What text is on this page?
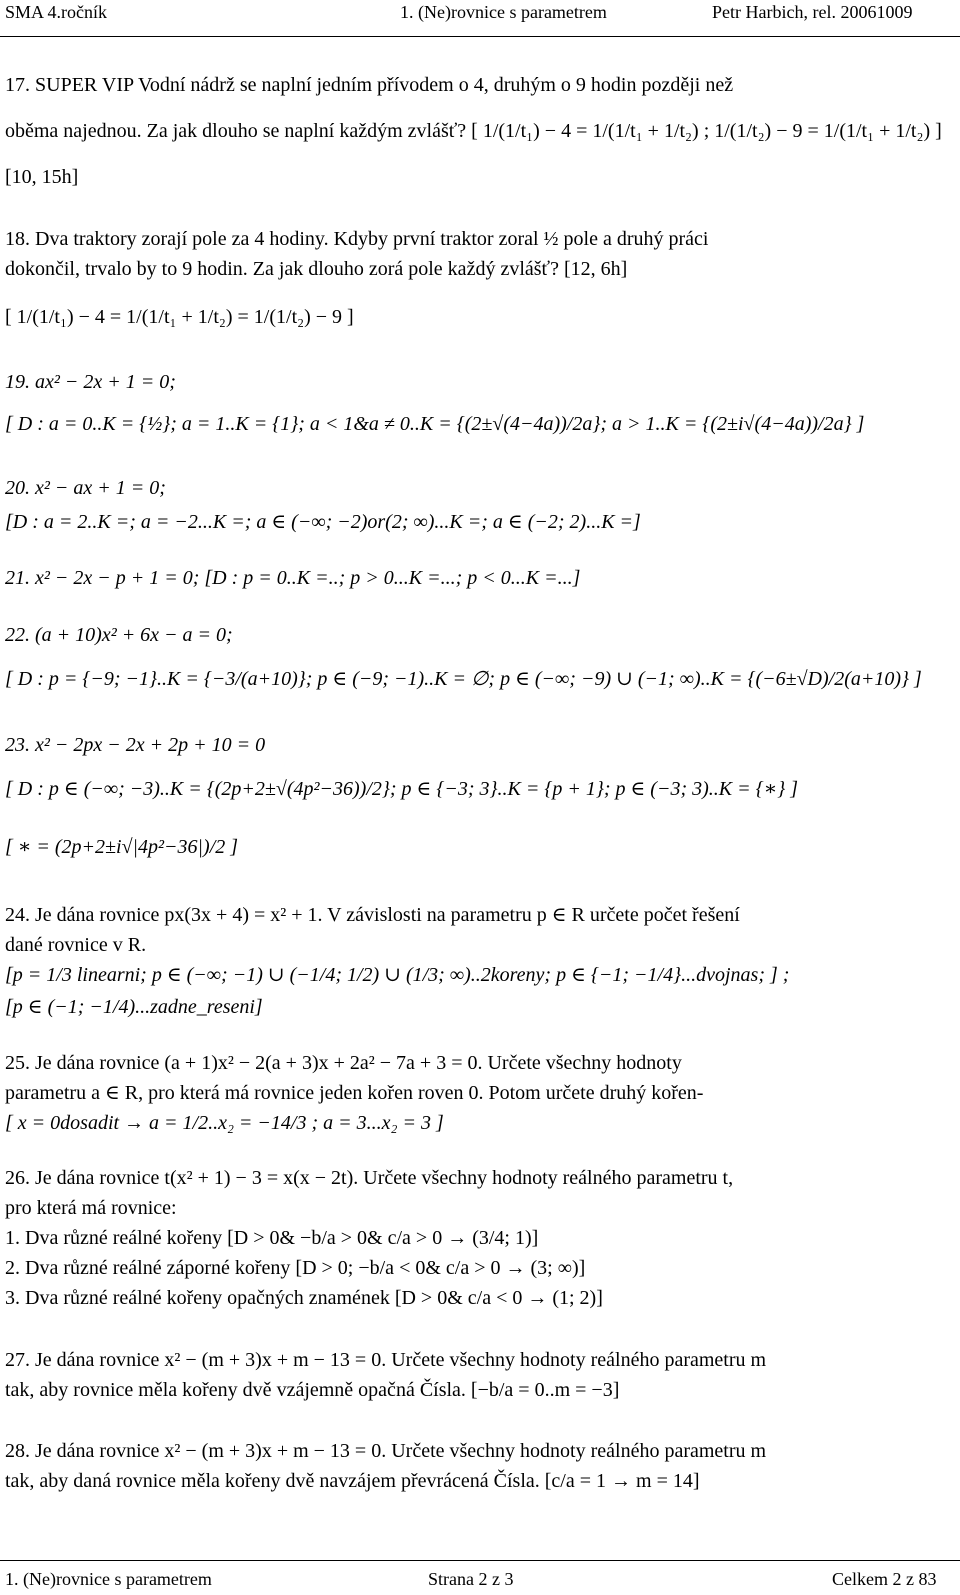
SMA 4.ročník	1. (Ne)rovnice s parametrem	Petr Harbich, rel. 20061009
17. SUPER VIP Vodní nádrž se naplní jedním přívodem o 4, druhým o 9 hodin později než
oběma najednou. Za jak dlouho se naplní každým zvlášť? [ 1/(1/t₁) − 4 = 1/(1/t₁ + 1/t₂) ; 1/(1/t₂) − 9 = 1/(1/t₁ + 1/t₂) ]
[10, 15h]
18. Dva traktory zorají pole za 4 hodiny. Kdyby první traktor zoral ½ pole a druhý práci
dokončil, trvalo by to 9 hodin. Za jak dlouho zorá pole každý zvlášť? [12, 6h]
[ 1/(1/t₁) − 4 = 1/(1/t₁ + 1/t₂) = 1/(1/t₂) − 9 ]
19. ax² − 2x + 1 = 0;
[ D : a = 0..K = {½}; a = 1..K = {1}; a < 1&a ≠ 0..K = {(2±√(4−4a))/2a}; a > 1..K = {(2±i√(4−4a))/2a} ]
20. x² − ax + 1 = 0;
[D : a = 2..K =; a = −2...K =; a ∈ (−∞; −2)or(2; ∞)...K =; a ∈ (−2; 2)...K =]
21. x² − 2x − p + 1 = 0; [D : p = 0..K =..; p > 0...K =...; p < 0...K =...]
22. (a + 10)x² + 6x − a = 0;
[ D : p = {−9; −1}..K = {−3/(a+10)}; p ∈ (−9; −1)..K = ∅; p ∈ (−∞; −9) ∪ (−1; ∞)..K = {(−6±√D)/2(a+10)} ]
23. x² − 2px − 2x + 2p + 10 = 0
[ D : p ∈ (−∞; −3)..K = {(2p+2±√(4p²−36))/2}; p ∈ {−3; 3}..K = {p + 1}; p ∈ (−3; 3)..K = {∗} ]
[ ∗ = (2p+2±i√|4p²−36|)/2 ]
24. Je dána rovnice px(3x + 4) = x² + 1. V závislosti na parametru p ∈ R určete počet řešení
dané rovnice v R.
[p = 1/3 linearni; p ∈ (−∞; −1) ∪ (−1/4; 1/2) ∪ (1/3; ∞)..2koreny; p ∈ {−1; −1/4}...dvojnas; ] ;
[p ∈ (−1; −1/4)...zadne_reseni]
25. Je dána rovnice (a + 1)x² − 2(a + 3)x + 2a² − 7a + 3 = 0. Určete všechny hodnoty
parametru a ∈ R, pro která má rovnice jeden kořen roven 0. Potom určete druhý kořen-
[ x = 0dosadit → a = 1/2..x₂ = −14/3 ; a = 3...x₂ = 3 ]
26. Je dána rovnice t(x² + 1) − 3 = x(x − 2t). Určete všechny hodnoty reálného parametru t,
pro která má rovnice:
1. Dva různé reálné kořeny [D > 0& −b/a > 0& c/a > 0 → (3/4; 1)]
2. Dva různé reálné záporné kořeny [D > 0; −b/a < 0& c/a > 0 → (3; ∞)]
3. Dva různé reálné kořeny opačných znamének [D > 0& c/a < 0 → (1; 2)]
27. Je dána rovnice x² − (m + 3)x + m − 13 = 0. Určete všechny hodnoty reálného parametru m
tak, aby rovnice měla kořeny dvě vzájemně opačná Čísla. [−b/a = 0..m = −3]
28. Je dána rovnice x² − (m + 3)x + m − 13 = 0. Určete všechny hodnoty reálného parametru m
tak, aby daná rovnice měla kořeny dvě navzájem převrácená Čísla. [c/a = 1 → m = 14]
1. (Ne)rovnice s parametrem	Strana 2 z 3	Celkem 2 z 83
